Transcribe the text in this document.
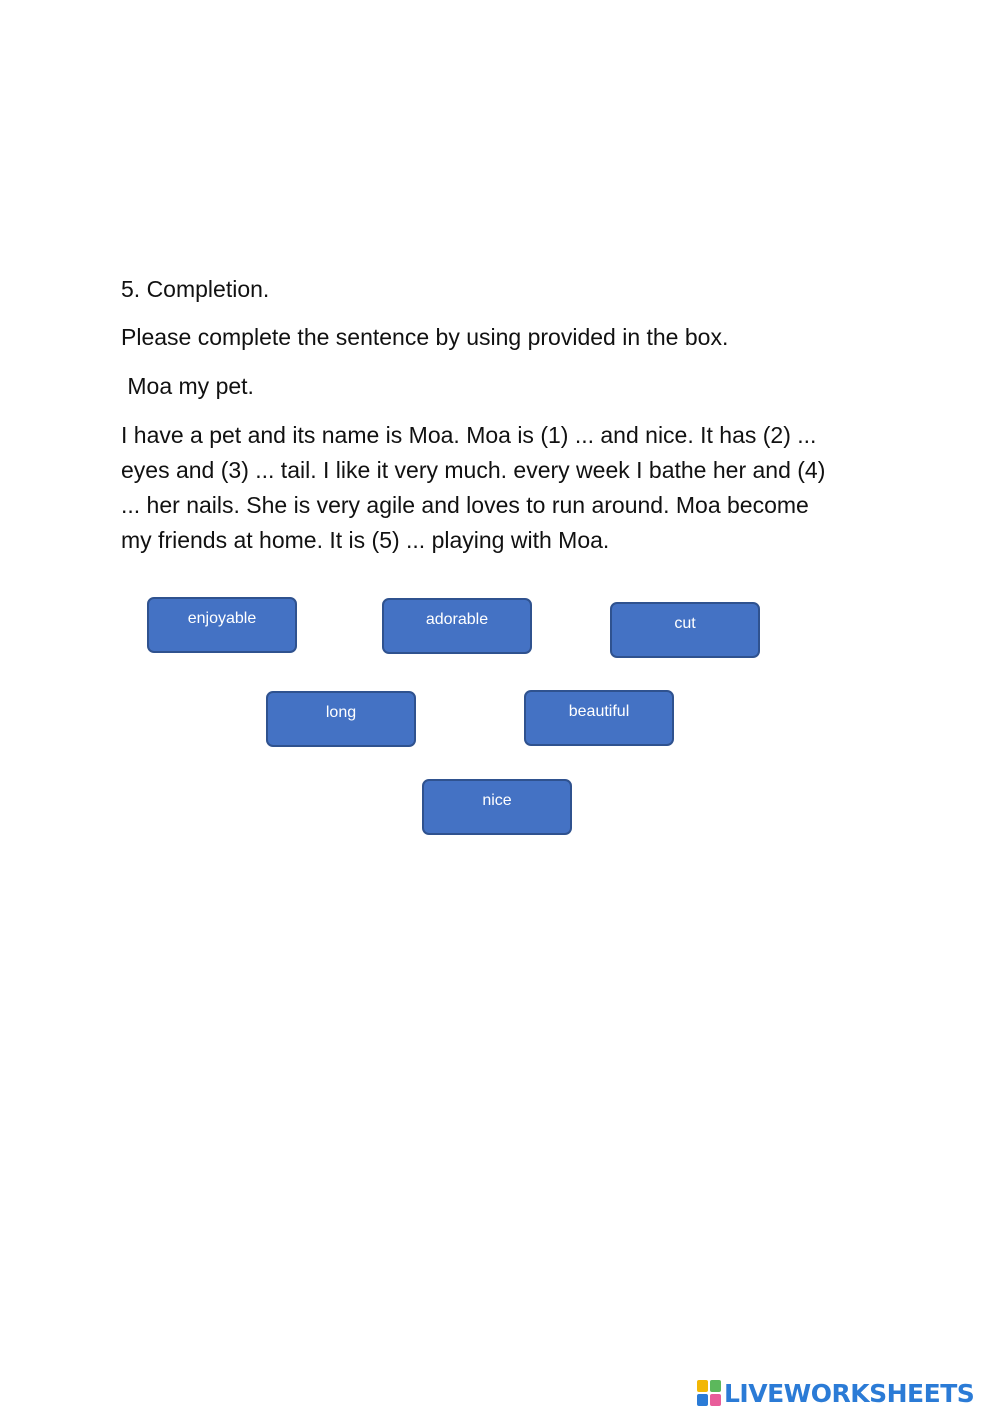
5. Completion.

Please complete the sentence by using provided in the box.

Moa my pet.

I have a pet and its name is Moa. Moa is (1) ... and nice. It has (2) ...
eyes and (3) ... tail. I like it very much. every week I bathe her and (4)
... her nails. She is very agile and loves to run around. Moa become
my friends at home. It is (5) ... playing with Moa.
enjoyable	adorable	cut
long	beautiful
nice
LIVEWORKSHEETS
